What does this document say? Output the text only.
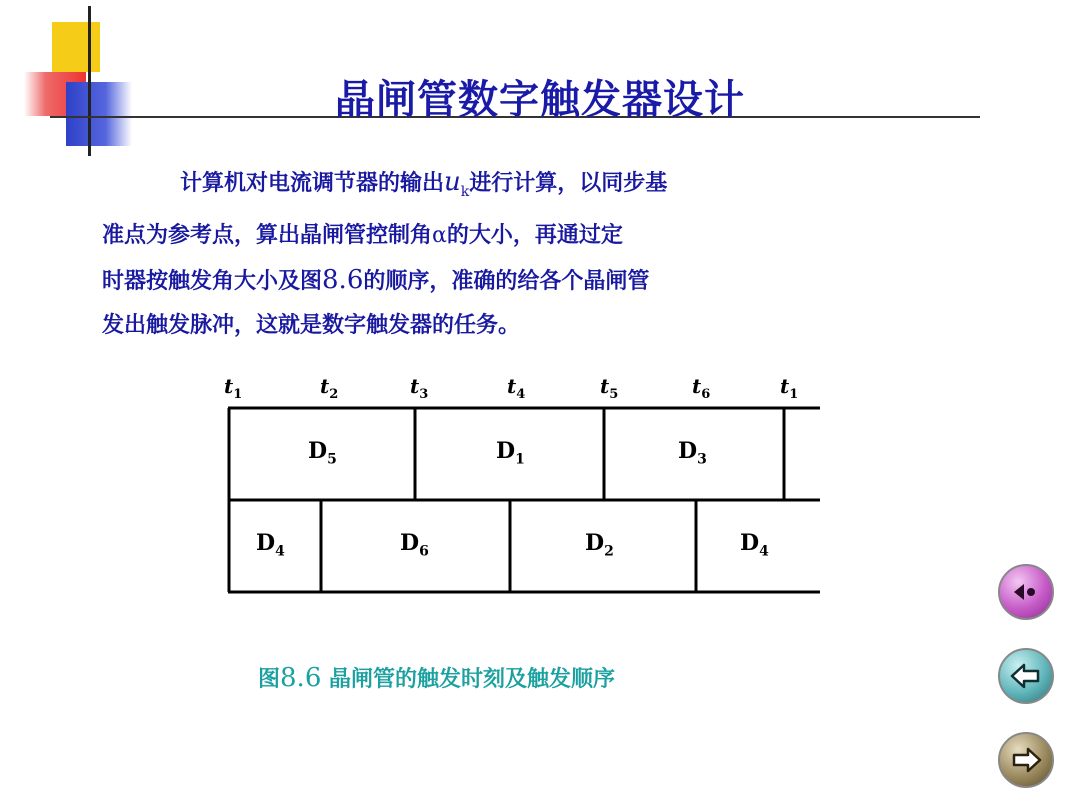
晶闸管数字触发器设计
计算机对电流调节器的输出$u_k$进行计算，以同步基
准点为参考点，算出晶闸管控制角α的大小，再通过定
时器按触发角大小及图8.6的顺序，准确的给各个晶闸管
发出触发脉冲，这就是数字触发器的任务。
$t_1$	$t_2$	$t_3$	$t_4$	$t_5$	$t_6$	$t_1$
$D_5$	$D_1$	$D_3$
$D_4$	$D_6$	$D_2$	$D_4$
图8.6 晶闸管的触发时刻及触发顺序
